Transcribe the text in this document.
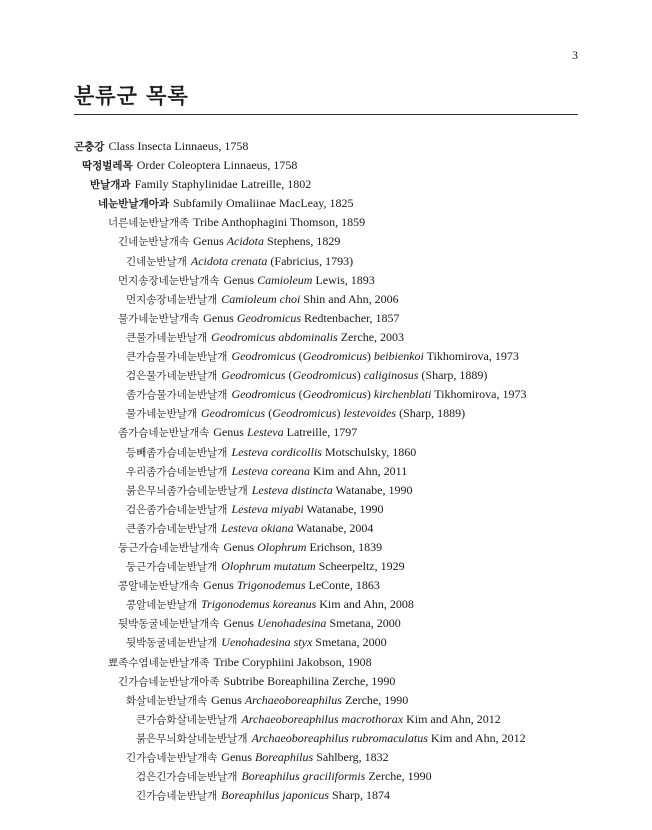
3
분류군 목록
곤충강 Class Insecta Linnaeus, 1758
딱정벌레목 Order Coleoptera Linnaeus, 1758
반날개과 Family Staphylinidae Latreille, 1802
네눈반날개아과 Subfamily Omaliinae MacLeay, 1825
너른네눈반날개족 Tribe Anthophagini Thomson, 1859
긴네눈반날개속 Genus Acidota Stephens, 1829
긴네눈반날개 Acidota crenata (Fabricius, 1793)
먼지송장네눈반날개속 Genus Camioleum Lewis, 1893
먼지송장네눈반날개 Camioleum choi Shin and Ahn, 2006
물가네눈반날개속 Genus Geodromicus Redtenbacher, 1857
큰물가네눈반날개 Geodromicus abdominalis Zerche, 2003
큰가슴물가네눈반날개 Geodromicus (Geodromicus) beibienkoi Tikhomirova, 1973
검은물가네눈반날개 Geodromicus (Geodromicus) caliginosus (Sharp, 1889)
좀가슴물가네눈반날개 Geodromicus (Geodromicus) kirchenblati Tikhomirova, 1973
물가네눈반날개 Geodromicus (Geodromicus) lestevoides (Sharp, 1889)
좀가슴네눈반날개속 Genus Lesteva Latreille, 1797
등빼좀가슴네눈반날개 Lesteva cordicollis Motschulsky, 1860
우리좀가슴네눈반날개 Lesteva coreana Kim and Ahn, 2011
붉은무늬좀가슴네눈반날개 Lesteva distincta Watanabe, 1990
검은좀가슴네눈반날개 Lesteva miyabi Watanabe, 1990
큰좀가슴네눈반날개 Lesteva okiana Watanabe, 2004
둥근가슴네눈반날개속 Genus Olophrum Erichson, 1839
둥근가슴네눈반날개 Olophrum mutatum Scheerpeltz, 1929
콩알네눈반날개속 Genus Trigonodemus LeConte, 1863
콩알네눈반날개 Trigonodemus koreanus Kim and Ahn, 2008
뒷박동굴네눈반날개속 Genus Uenohadesina Smetana, 2000
뒷박동굴네눈반날개 Uenohadesina styx Smetana, 2000
뾰족수염네눈반날개족 Tribe Coryphiini Jakobson, 1908
긴가슴네눈반날개아족 Subtribe Boreaphilina Zerche, 1990
화살네눈반날개속 Genus Archaeoboreaphilus Zerche, 1990
큰가슴화살네눈반날개 Archaeoboreaphilus macrothorax Kim and Ahn, 2012
붉은무늬화살네눈반날개 Archaeoboreaphilus rubromaculatus Kim and Ahn, 2012
긴가슴네눈반날개속 Genus Boreaphilus Sahlberg, 1832
검은긴가슴네눈반날개 Boreaphilus graciliformis Zerche, 1990
긴가슴네눈반날개 Boreaphilus japonicus Sharp, 1874
